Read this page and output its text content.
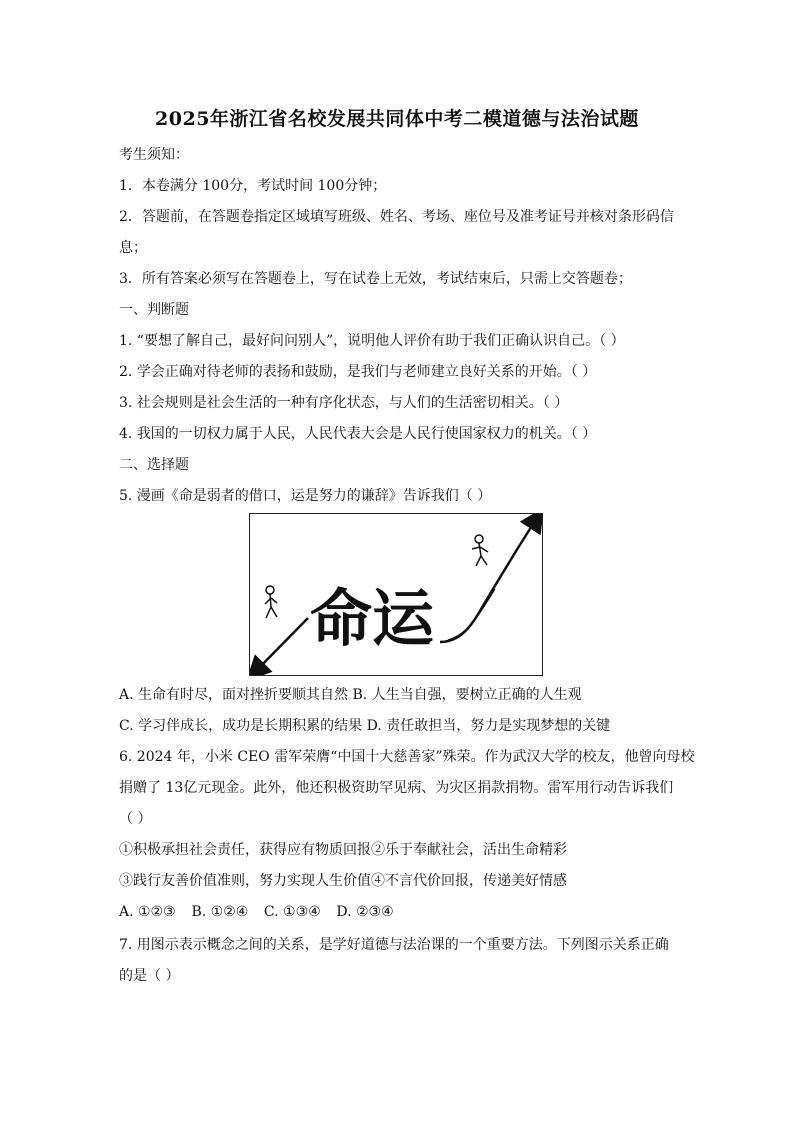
2025年浙江省名校发展共同体中考二模道德与法治试题
考生须知：
1．本卷满分 100分，考试时间 100分钟；
2．答题前，在答题卷指定区域填写班级、姓名、考场、座位号及准考证号并核对条形码信
息；
3．所有答案必须写在答题卷上，写在试卷上无效，考试结束后，只需上交答题卷；
一、判断题
1. “要想了解自己，最好问问别人”，说明他人评价有助于我们正确认识自己。（ ）
2. 学会正确对待老师的表扬和鼓励，是我们与老师建立良好关系的开始。（ ）
3. 社会规则是社会生活的一种有序化状态，与人们的生活密切相关。（ ）
4. 我国的一切权力属于人民，人民代表大会是人民行使国家权力的机关。（ ）
二、选择题
5. 漫画《命是弱者的借口，运是努力的谦辞》告诉我们（ ）
命运
A. 生命有时尽，面对挫折要顺其自然 B. 人生当自强，要树立正确的人生观
C. 学习伴成长，成功是长期积累的结果 D. 责任敢担当，努力是实现梦想的关键
6. 2024 年，小米 CEO 雷军荣膺“中国十大慈善家”殊荣。作为武汉大学的校友，他曾向母校
捐赠了 13亿元现金。此外，他还积极资助罕见病、为灾区捐款捐物。雷军用行动告诉我们
（ ）
①积极承担社会责任，获得应有物质回报②乐于奉献社会，活出生命精彩
③践行友善价值准则，努力实现人生价值④不言代价回报，传递美好情感
A. ①②③ B. ①②④ C. ①③④ D. ②③④
7. 用图示表示概念之间的关系，是学好道德与法治课的一个重要方法。下列图示关系正确
的是（ ）
